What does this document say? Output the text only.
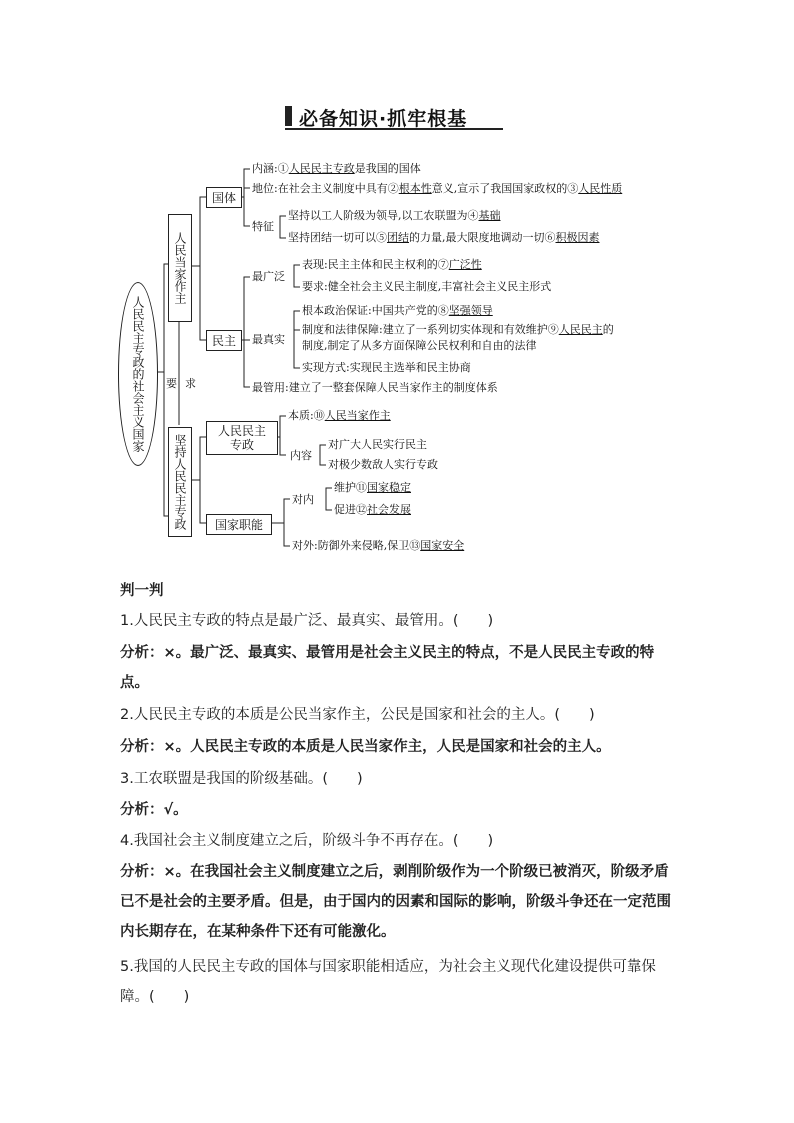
必备知识·抓牢根基
人民民主专政的社会主义国家	要 求
人民当家作主
坚持人民民主专政
国体
民主
人民民主专政
国家职能
内涵:①人民民主专政是我国的国体
地位:在社会主义制度中具有②根本性意义,宣示了我国国家政权的③人民性质
特征
坚持以工人阶级为领导,以工农联盟为④基础
坚持团结一切可以⑤团结的力量,最大限度地调动一切⑥积极因素
最广泛
表现:民主主体和民主权利的⑦广泛性
要求:健全社会主义民主制度,丰富社会主义民主形式
最真实
根本政治保证:中国共产党的⑧坚强领导
制度和法律保障:建立了一系列切实体现和有效维护⑨人民民主的
制度,制定了从多方面保障公民权利和自由的法律
实现方式:实现民主选举和民主协商
最管用:建立了一整套保障人民当家作主的制度体系
本质:⑩人民当家作主
内容
对广大人民实行民主
对极少数敌人实行专政
对内
维护⑪国家稳定
促进⑫社会发展
对外:防御外来侵略,保卫⑬国家安全
判一判
1.人民民主专政的特点是最广泛、最真实、最管用。(　　)
分析：×。最广泛、最真实、最管用是社会主义民主的特点，不是人民民主专政的特点。
2.人民民主专政的本质是公民当家作主，公民是国家和社会的主人。(　　)
分析：×。人民民主专政的本质是人民当家作主，人民是国家和社会的主人。
3.工农联盟是我国的阶级基础。(　　)
分析：√。
4.我国社会主义制度建立之后，阶级斗争不再存在。(　　)
分析：×。在我国社会主义制度建立之后，剥削阶级作为一个阶级已被消灭，阶级矛盾已不是社会的主要矛盾。但是，由于国内的因素和国际的影响，阶级斗争还在一定范围内长期存在，在某种条件下还有可能激化。
5.我国的人民民主专政的国体与国家职能相适应，为社会主义现代化建设提供可靠保障。(　　)
